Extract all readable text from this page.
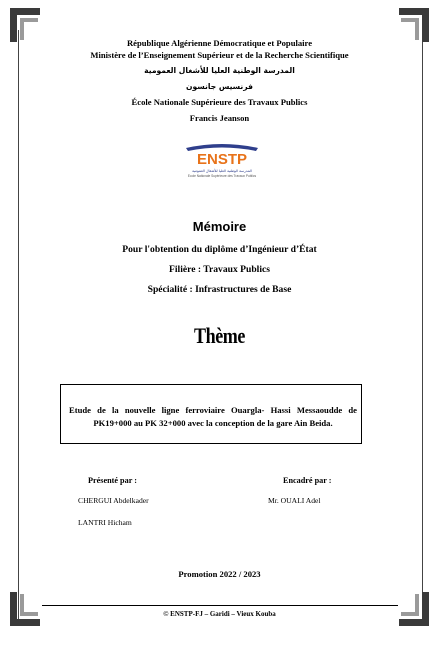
République Algérienne Démocratique et Populaire
Ministère de l’Enseignement Supérieur et de la Recherche Scientifique
المدرسة الوطنية العليا للأشغال العمومية
فرنسيس جانسون
École Nationale Supérieure des Travaux Publics
Francis Jeanson
ENSTP
المدرسة الوطنية العليا للأشغال العمومية
Ecole Nationale Supérieure des Travaux Publics
Mémoire
Pour l'obtention du diplôme d’Ingénieur d’État
Filière : Travaux Publics
Spécialité : Infrastructures de Base
Thème
Etude de la nouvelle ligne ferroviaire Ouargla- Hassi Messaoudde de PK19+000 au PK 32+000 avec la conception de la gare Ain Beida.
Présenté par :
CHERGUI Abdelkader
LANTRI Hicham
Encadré par :
Mr. OUALI Adel
Promotion 2022 / 2023
© ENSTP-FJ – Garidi – Vieux Kouba
